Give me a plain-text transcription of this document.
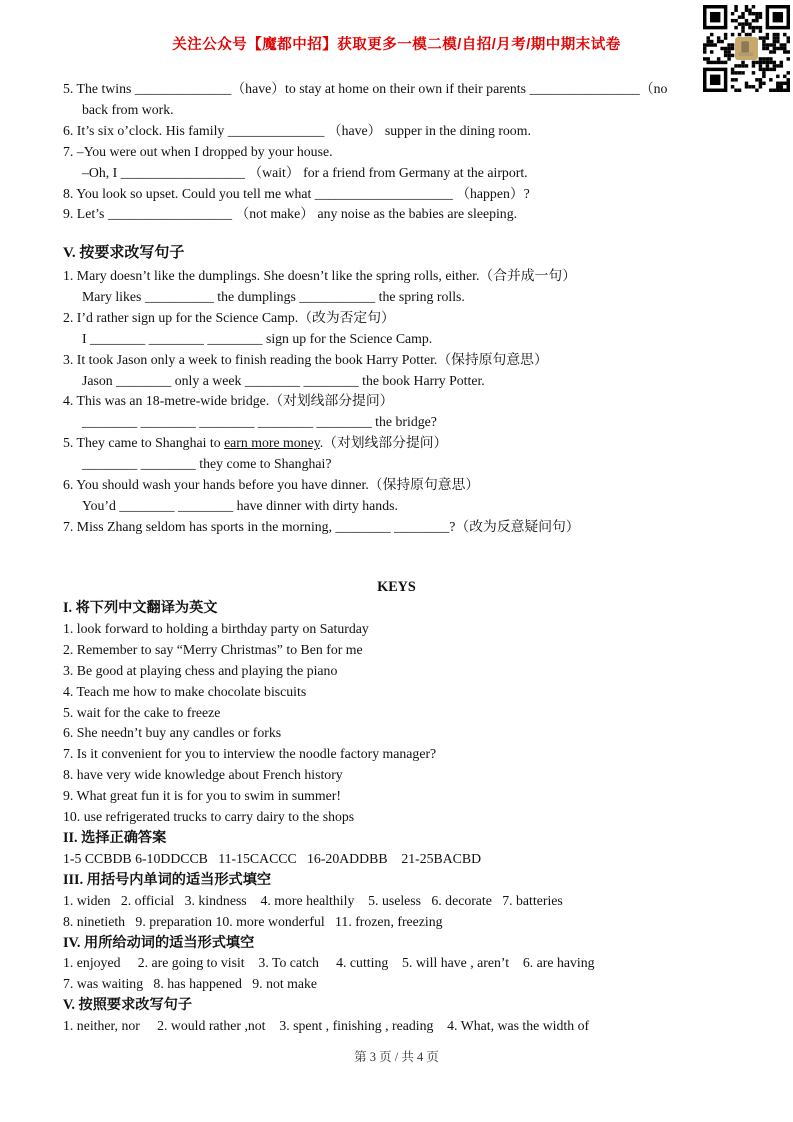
关注公众号【魔都中招】获取更多一模二模/自招/月考/期中期末试卷
5. The twins ______________（have）to stay at home on their own if their parents ________________（no
back from work.
6. It’s six o’clock. His family ______________ （have） supper in the dining room.
7. –You were out when I dropped by your house.
–Oh, I __________________ （wait） for a friend from Germany at the airport.
8. You look so upset. Could you tell me what ____________________ （happen）?
9. Let’s __________________ （not make） any noise as the babies are sleeping.
V. 按要求改写句子
1. Mary doesn’t like the dumplings. She doesn’t like the spring rolls, either.（合并成一句）
Mary likes __________ the dumplings ___________ the spring rolls.
2. I’d rather sign up for the Science Camp.（改为否定句）
I ________ ________ ________ sign up for the Science Camp.
3. It took Jason only a week to finish reading the book Harry Potter.（保持原句意思）
Jason ________ only a week ________ ________ the book Harry Potter.
4. This was an 18-metre-wide bridge.（对划线部分提问）
________ ________ ________ ________ ________ the bridge?
5. They came to Shanghai to earn more money.（对划线部分提问）
________ ________ they come to Shanghai?
6. You should wash your hands before you have dinner.（保持原句意思）
You’d ________ ________ have dinner with dirty hands.
7. Miss Zhang seldom has sports in the morning, ________ ________?（改为反意疑问句）
KEYS
I. 将下列中文翻译为英文
1. look forward to holding a birthday party on Saturday
2. Remember to say “Merry Christmas” to Ben for me
3. Be good at playing chess and playing the piano
4. Teach me how to make chocolate biscuits
5. wait for the cake to freeze
6. She needn’t buy any candles or forks
7. Is it convenient for you to interview the noodle factory manager?
8. have very wide knowledge about French history
9. What great fun it is for you to swim in summer!
10. use refrigerated trucks to carry dairy to the shops
II. 选择正确答案
1-5 CCBDB 6-10DDCCB   11-15CACCC   16-20ADDBB    21-25BACBD
III. 用括号内单词的适当形式填空
1. widen   2. official   3. kindness    4. more healthily    5. useless   6. decorate   7. batteries
8. ninetieth   9. preparation 10. more wonderful   11. frozen, freezing
IV. 用所给动词的适当形式填空
1. enjoyed     2. are going to visit    3. To catch     4. cutting    5. will have , aren’t    6. are having
7. was waiting   8. has happened   9. not make
V. 按照要求改写句子
1. neither, nor     2. would rather ,not    3. spent , finishing , reading    4. What, was the width of
第 3 页 / 共 4 页
